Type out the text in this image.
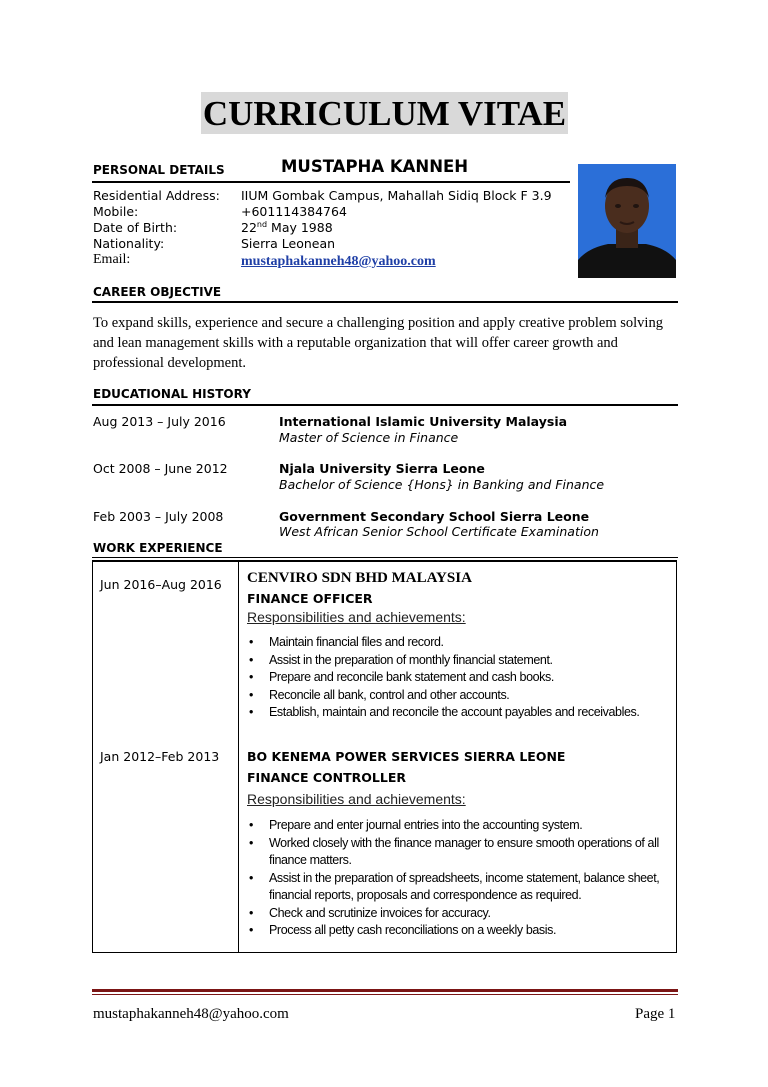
CURRICULUM VITAE
PERSONAL DETAILS	MUSTAPHA KANNEH
Residential Address:	IIUM Gombak Campus, Mahallah Sidiq Block F 3.9
Mobile:	+601114384764
Date of Birth:	22nd May 1988
Nationality:	Sierra Leonean
Email:	mustaphakanneh48@yahoo.com
CAREER OBJECTIVE
To expand skills, experience and secure a challenging position and apply creative problem solving and lean management skills with a reputable organization that will offer career growth and professional development.
EDUCATIONAL HISTORY
Aug 2013 – July 2016	International Islamic University Malaysia
Master of Science in Finance
Oct 2008 – June 2012	Njala University Sierra Leone
Bachelor of Science {Hons} in Banking and Finance
Feb 2003 – July 2008	Government Secondary School Sierra Leone
West African Senior School Certificate Examination
WORK EXPERIENCE
Jun 2016–Aug 2016 CENVIRO SDN BHD MALAYSIA
FINANCE OFFICER
Responsibilities and achievements:
• Maintain financial files and record.
• Assist in the preparation of monthly financial statement.
• Prepare and reconcile bank statement and cash books.
• Reconcile all bank, control and other accounts.
• Establish, maintain and reconcile the account payables and receivables.
Jan 2012–Feb 2013 BO KENEMA POWER SERVICES SIERRA LEONE
FINANCE CONTROLLER
Responsibilities and achievements:
• Prepare and enter journal entries into the accounting system.
• Worked closely with the finance manager to ensure smooth operations of all finance matters.
• Assist in the preparation of spreadsheets, income statement, balance sheet, financial reports, proposals and correspondence as required.
• Check and scrutinize invoices for accuracy.
• Process all petty cash reconciliations on a weekly basis.
mustaphakanneh48@yahoo.com	Page 1
